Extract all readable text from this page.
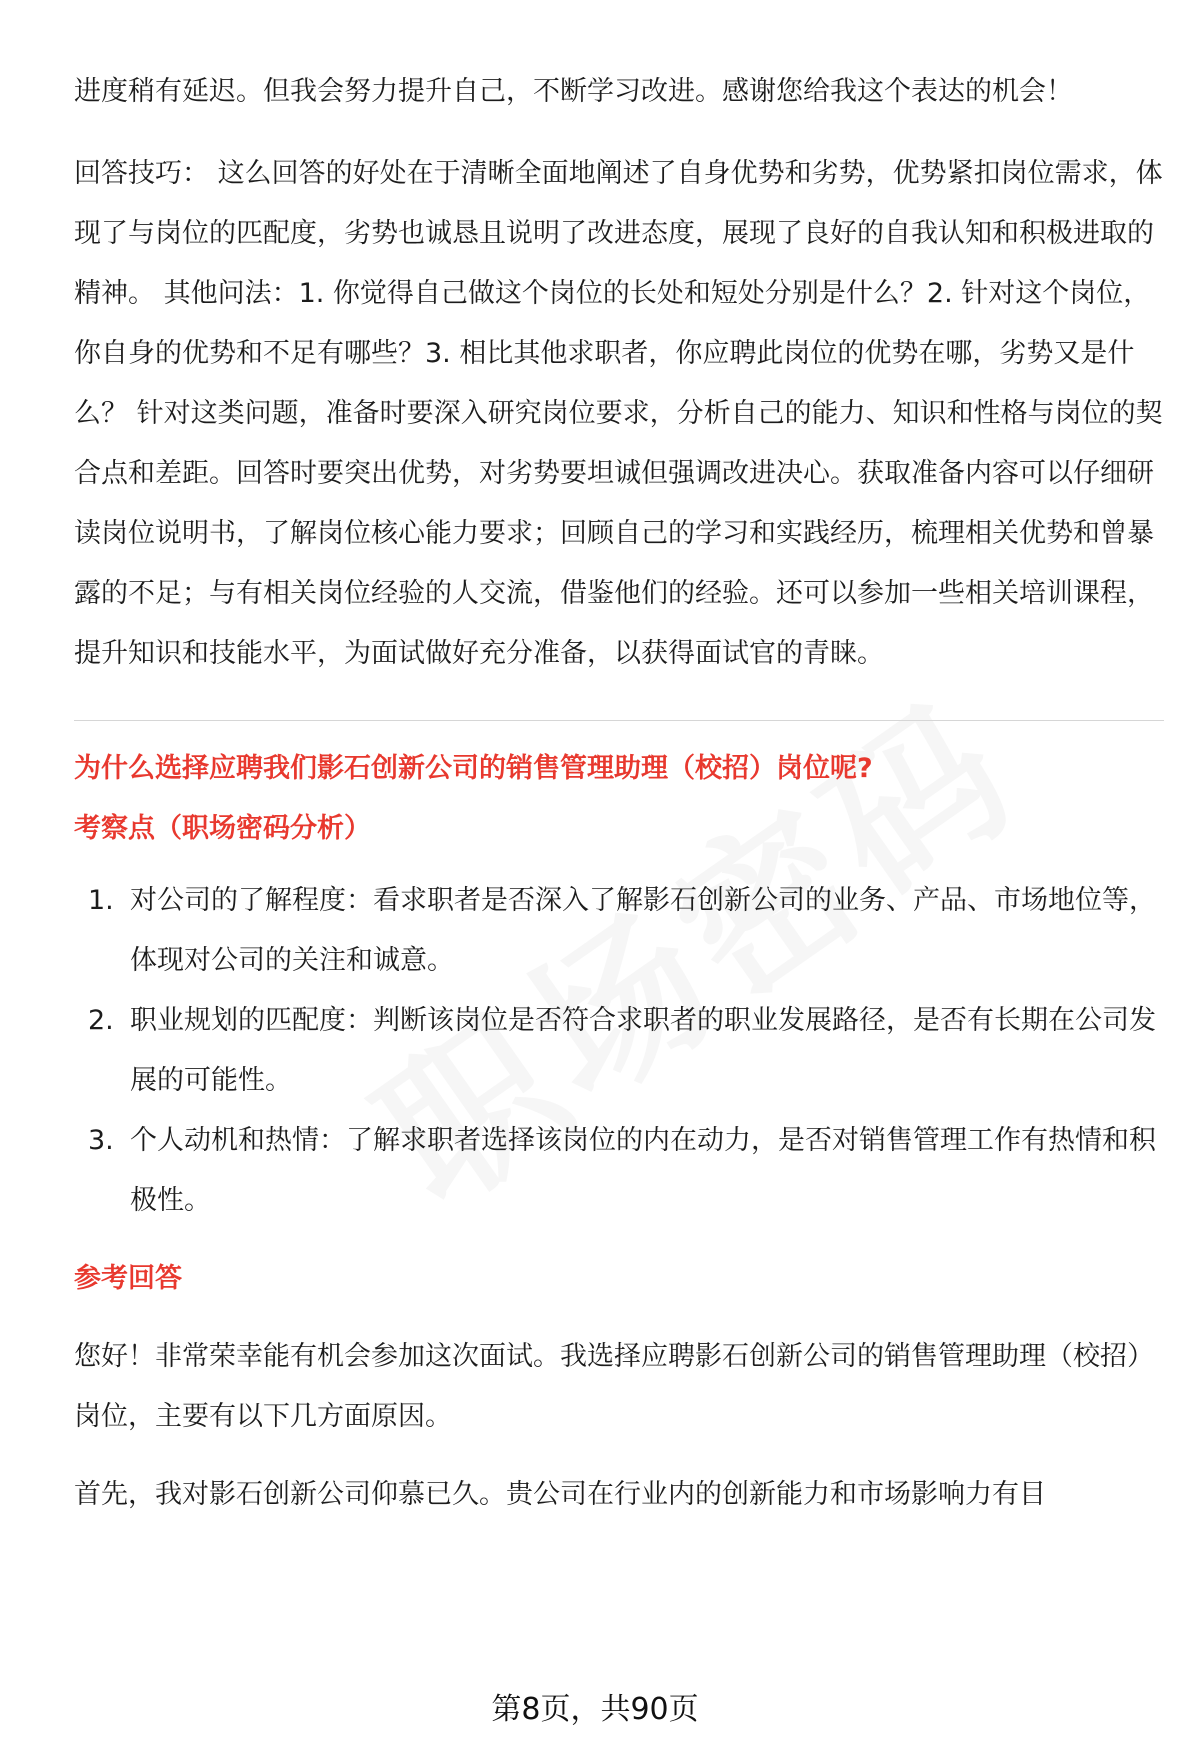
进度稍有延迟。但我会努力提升自己，不断学习改进。感谢您给我这个表达的机会！

回答技巧： 这么回答的好处在于清晰全面地阐述了自身优势和劣势，优势紧扣岗位需求，体现了与岗位的匹配度，劣势也诚恳且说明了改进态度，展现了良好的自我认知和积极进取的精神。 其他问法：1. 你觉得自己做这个岗位的长处和短处分别是什么？2. 针对这个岗位，你自身的优势和不足有哪些？3. 相比其他求职者，你应聘此岗位的优势在哪，劣势又是什么？ 针对这类问题，准备时要深入研究岗位要求，分析自己的能力、知识和性格与岗位的契合点和差距。回答时要突出优势，对劣势要坦诚但强调改进决心。获取准备内容可以仔细研读岗位说明书，了解岗位核心能力要求；回顾自己的学习和实践经历，梳理相关优势和曾暴露的不足；与有相关岗位经验的人交流，借鉴他们的经验。还可以参加一些相关培训课程，提升知识和技能水平，为面试做好充分准备，以获得面试官的青睐。

为什么选择应聘我们影石创新公司的销售管理助理（校招）岗位呢?
考察点（职场密码分析）
1. 对公司的了解程度：看求职者是否深入了解影石创新公司的业务、产品、市场地位等，体现对公司的关注和诚意。
2. 职业规划的匹配度：判断该岗位是否符合求职者的职业发展路径，是否有长期在公司发展的可能性。
3. 个人动机和热情：了解求职者选择该岗位的内在动力，是否对销售管理工作有热情和积极性。
参考回答

您好！非常荣幸能有机会参加这次面试。我选择应聘影石创新公司的销售管理助理（校招）岗位，主要有以下几方面原因。

首先，我对影石创新公司仰慕已久。贵公司在行业内的创新能力和市场影响力有目

第8页，共90页
